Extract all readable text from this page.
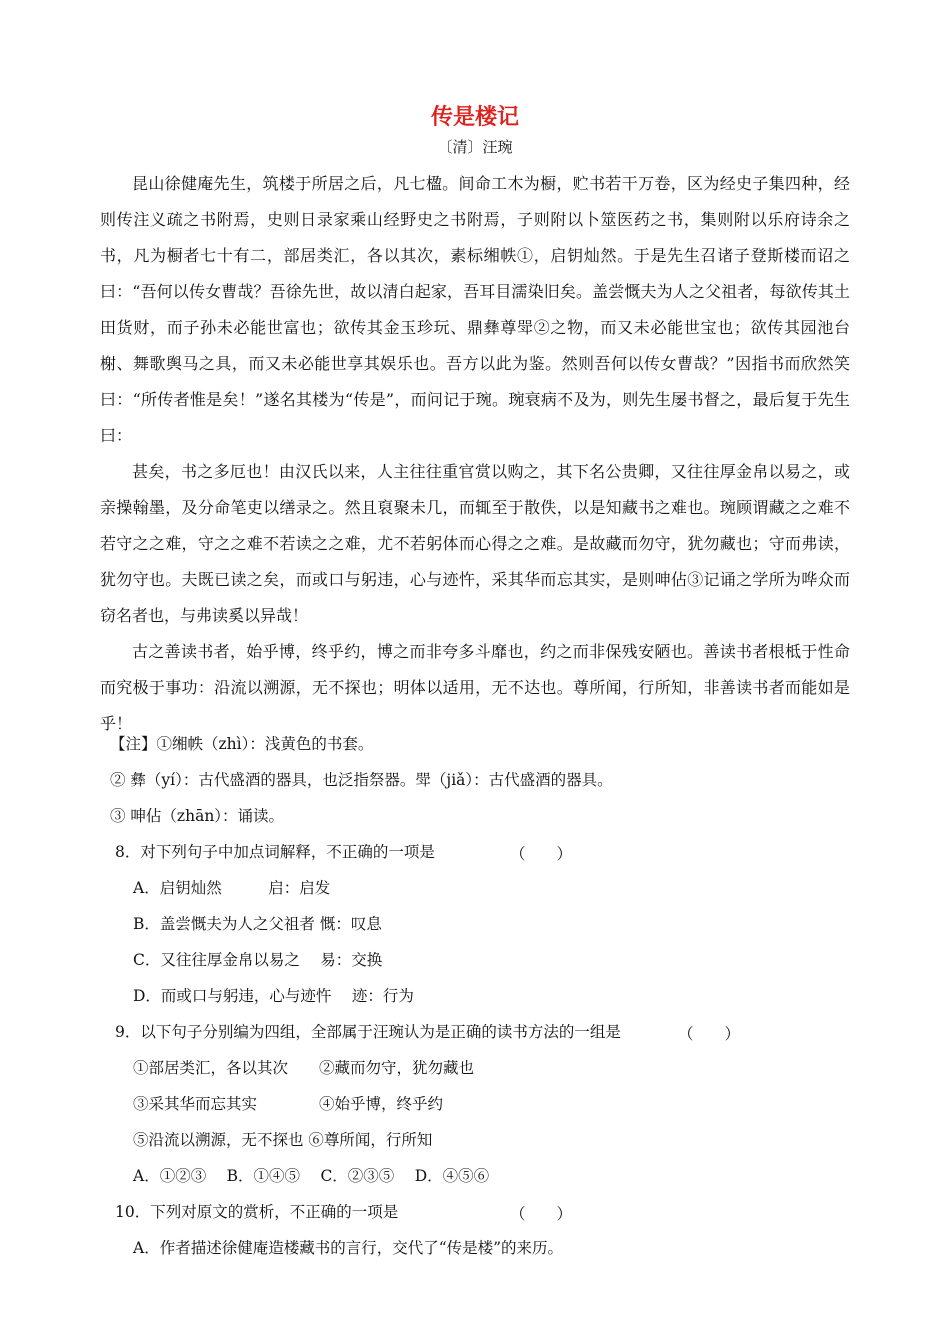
传是楼记
〔清〕汪琬

昆山徐健庵先生，筑楼于所居之后，凡七楹。间命工木为橱，贮书若干万卷，区为经史子集四种，经则传注义疏之书附焉，史则日录家乘山经野史之书附焉，子则附以卜筮医药之书，集则附以乐府诗余之书，凡为橱者七十有二，部居类汇，各以其次，素标缃帙①，启钥灿然。于是先生召诸子登斯楼而诏之曰：“吾何以传女曹哉？吾徐先世，故以清白起家，吾耳目濡染旧矣。盖尝慨夫为人之父祖者，每欲传其土田货财，而子孙未必能世富也；欲传其金玉珍玩、鼎彝尊斝②之物，而又未必能世宝也；欲传其园池台榭、舞歌舆马之具，而又未必能世享其娱乐也。吾方以此为鉴。然则吾何以传女曹哉？”因指书而欣然笑曰：“所传者惟是矣！”遂名其楼为“传是”，而问记于琬。琬衰病不及为，则先生屡书督之，最后复于先生曰：

甚矣，书之多厄也！由汉氏以来，人主往往重官赏以购之，其下名公贵卿，又往往厚金帛以易之，或亲操翰墨，及分命笔吏以缮录之。然且裒聚未几，而辄至于散佚，以是知藏书之难也。琬顾谓藏之之难不若守之之难，守之之难不若读之之难，尤不若躬体而心得之之难。是故藏而勿守，犹勿藏也；守而弗读，犹勿守也。夫既已读之矣，而或口与躬违，心与迹忤，采其华而忘其实，是则呻佔③记诵之学所为哗众而窃名者也，与弗读奚以异哉！

古之善读书者，始乎博，终乎约，博之而非夸多斗靡也，约之而非保残安陋也。善读书者根柢于性命而究极于事功：沿流以溯源，无不探也；明体以适用，无不达也。尊所闻，行所知，非善读书者而能如是乎！

【注】①缃帙（zhì）：浅黄色的书套。
② 彝（yí）：古代盛酒的器具，也泛指祭器。斝（jiǎ）：古代盛酒的器具。
③ 呻佔（zhān）：诵读。
8．对下列句子中加点词解释，不正确的一项是	（　　）
A．启钥灿然　　　启：启发
B．盖尝慨夫为人之父祖者 慨：叹息
C．又往往厚金帛以易之　 易：交换
D．而或口与躬违，心与迹忤　 迹：行为
9．以下句子分别编为四组，全部属于汪琬认为是正确的读书方法的一组是	（　　）
①部居类汇，各以其次　　②藏而勿守，犹勿藏也
③采其华而忘其实　　　　④始乎博，终乎约
⑤沿流以溯源，无不探也 ⑥尊所闻，行所知
A．①②③　 B．①④⑤　 C．②③⑤　 D．④⑤⑥
10．下列对原文的赏析，不正确的一项是	（　　）
A．作者描述徐健庵造楼藏书的言行，交代了“传是楼”的来历。
